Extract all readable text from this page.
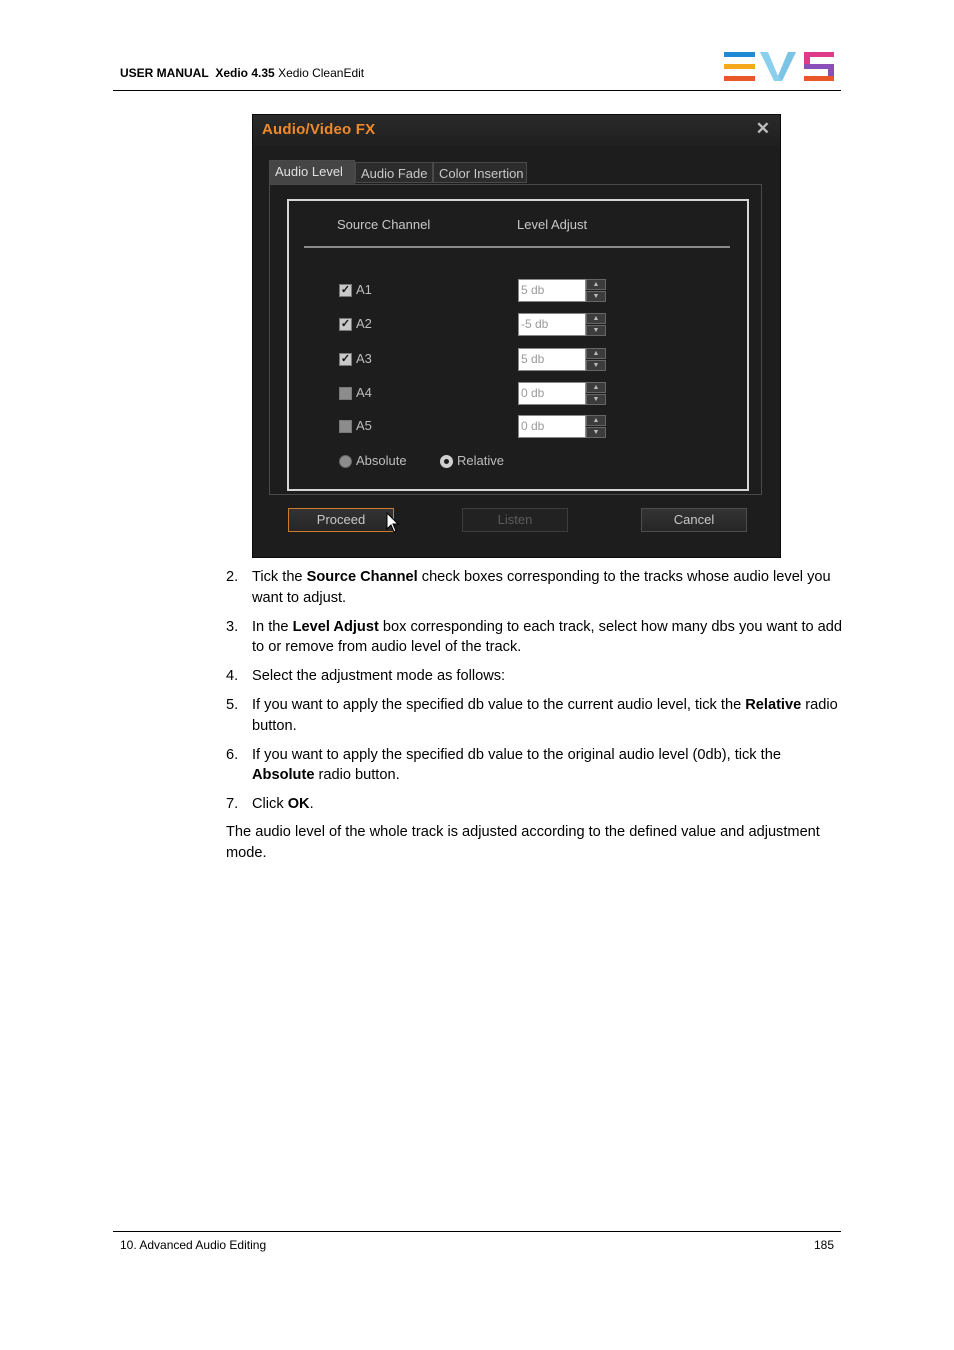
USER MANUAL Xedio 4.35 Xedio CleanEdit
Audio/Video FX	✕
Audio Level	Audio Fade Color Insertion
Source Channel	Level Adjust
✓ A1	5 db	▲
▼
✓ A2	-5 db	▲
▼
✓ A3	5 db	▲
▼
A4	0 db	▲
▼
A5	0 db	▲
▼
Absolute	Relative
Proceed	Listen	Cancel
2. Tick the Source Channel check boxes corresponding to the tracks whose audio level you want to adjust.
3. In the Level Adjust box corresponding to each track, select how many dbs you want to add to or remove from audio level of the track.
4. Select the adjustment mode as follows:
5. If you want to apply the specified db value to the current audio level, tick the Relative radio button.
6. If you want to apply the specified db value to the original audio level (0db), tick the Absolute radio button.
7. Click OK.

The audio level of the whole track is adjusted according to the defined value and adjustment mode.

10. Advanced Audio Editing	185
